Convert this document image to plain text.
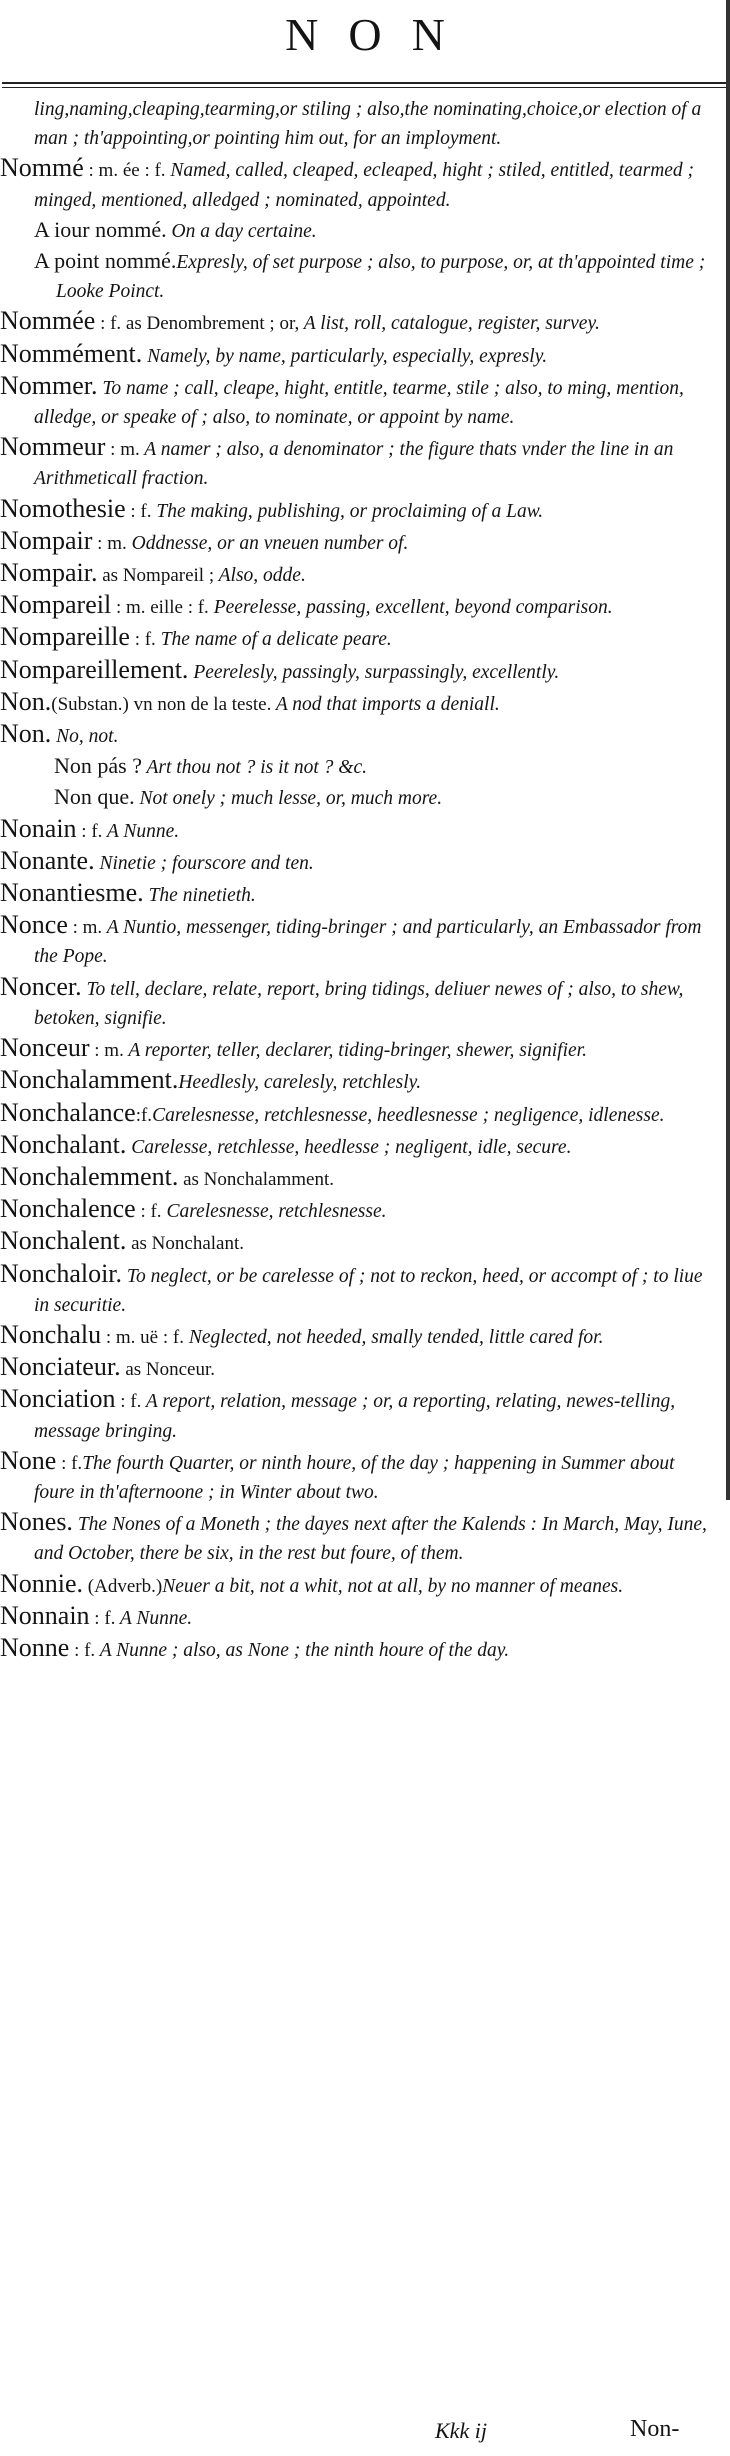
NON

ling,naming,cleaping,tearming,or stiling ; also,the nominating,choice,or election of a man ; th'appointing,or pointing him out, for an imployment.

Nommé : m. ée : f. Named, called, cleaped, ecleaped, hight ; stiled, entitled, tearmed ; minged, mentioned, alledged ; nominated, appointed.

A iour nommé. On a day certaine.

A point nommé.Expresly, of set purpose ; also, to purpose, or, at th'appointed time ; Looke Poinct.

Nommée : f. as Denombrement ; or, A list, roll, catalogue, register, survey.

Nommément. Namely, by name, particularly, especially, expresly.

Nommer. To name ; call, cleape, hight, entitle, tearme, stile ; also, to ming, mention, alledge, or speake of ; also, to nominate, or appoint by name.

Nommeur : m. A namer ; also, a denominator ; the figure thats vnder the line in an Arithmeticall fraction.

Nomothesie : f. The making, publishing, or proclaiming of a Law.

Nompair : m. Oddnesse, or an vneuen number of.

Nompair. as Nompareil ; Also, odde.

Nompareil : m. eille : f. Peerelesse, passing, excellent, beyond comparison.

Nompareille : f. The name of a delicate peare.

Nompareillement. Peerelesly, passingly, surpassingly, excellently.

Non.(Substan.) vn non de la teste. A nod that imports a deniall.

Non. No, not.

Non pás ? Art thou not ? is it not ? &c.

Non que. Not onely ; much lesse, or, much more.

Nonain : f. A Nunne.

Nonante. Ninetie ; fourscore and ten.

Nonantiesme. The ninetieth.

Nonce : m. A Nuntio, messenger, tiding-bringer ; and particularly, an Embassador from the Pope.

Noncer. To tell, declare, relate, report, bring tidings, deliuer newes of ; also, to shew, betoken, signifie.

Nonceur : m. A reporter, teller, declarer, tiding-bringer, shewer, signifier.

Nonchalamment.Heedlesly, carelesly, retchlesly.

Nonchalance:f.Carelesnesse, retchlesnesse, heedlesnesse ; negligence, idlenesse.

Nonchalant. Carelesse, retchlesse, heedlesse ; negligent, idle, secure.

Nonchalemment. as Nonchalamment.

Nonchalence : f. Carelesnesse, retchlesnesse.

Nonchalent. as Nonchalant.

Nonchaloir. To neglect, or be carelesse of ; not to reckon, heed, or accompt of ; to liue in securitie.

Nonchalu : m. uë : f. Neglected, not heeded, smally tended, little cared for.

Nonciateur. as Nonceur.

Nonciation : f. A report, relation, message ; or, a reporting, relating, newes-telling, message bringing.

None : f.The fourth Quarter, or ninth houre, of the day ; happening in Summer about foure in th'afternoone ; in Winter about two.

Nones. The Nones of a Moneth ; the dayes next after the Kalends : In March, May, Iune, and October, there be six, in the rest but foure, of them.

Nonnie. (Adverb.)Neuer a bit, not a whit, not at all, by no manner of meanes.

Nonnain : f. A Nunne.

Nonne : f. A Nunne ; also, as None ; the ninth houre of the day.

Kkk ij	Non-
